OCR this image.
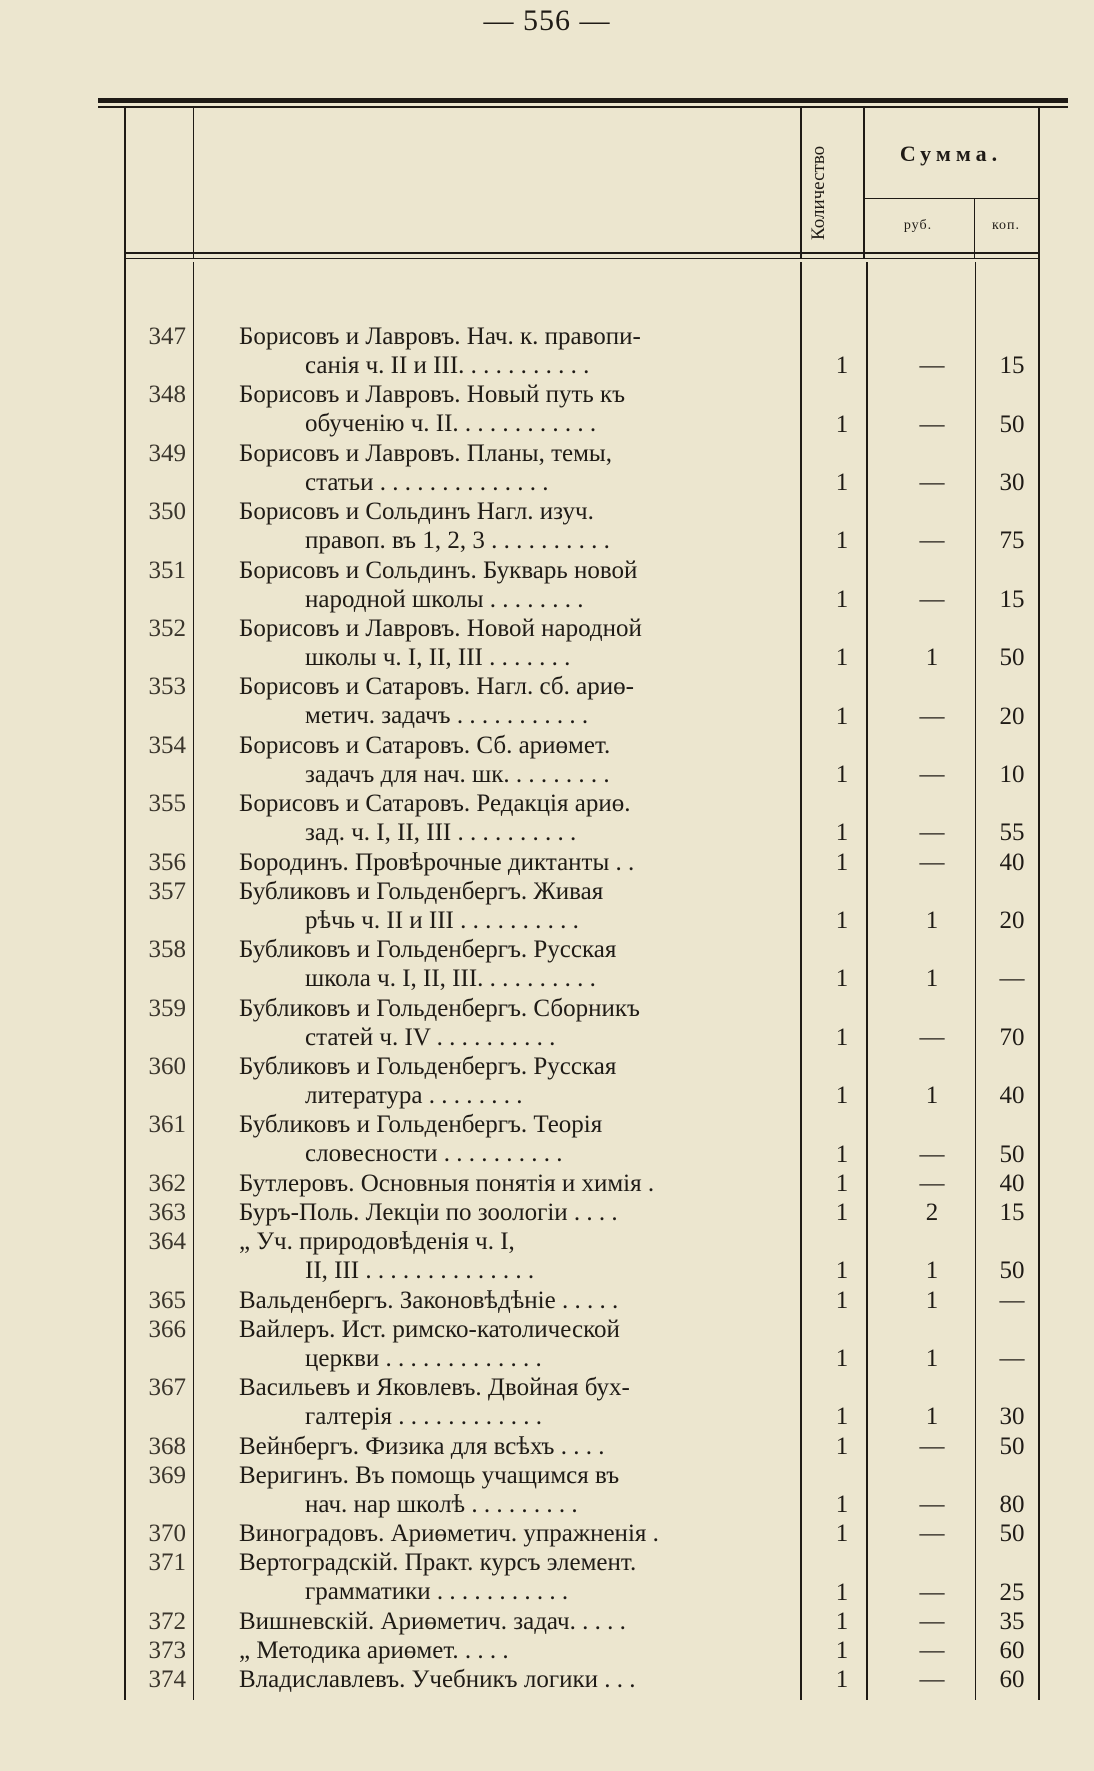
— 556 —
Количество	Сумма.
руб.	коп.
347 Борисовъ и Лавровъ. Нач. к. правопи-
санія ч. II и III. . . . . . . . . . .	1	—	15
348 Борисовъ и Лавровъ. Новый путь къ
обученію ч. II. . . . . . . . . . . .	1	—	50
349 Борисовъ и Лавровъ. Планы, темы,
статьи . . . . . . . . . . . . . .	1	—	30
350 Борисовъ и Сольдинъ Нагл. изуч.
правоп. въ 1, 2, 3 . . . . . . . . . .	1	—	75
351 Борисовъ и Сольдинъ. Букварь новой
народной школы . . . . . . . .	1	—	15
352 Борисовъ и Лавровъ. Новой народной
школы ч. I, II, III . . . . . . .	1	1	50
353 Борисовъ и Сатаровъ. Нагл. сб. ариө-
метич. задачъ . . . . . . . . . . .	1	—	20
354 Борисовъ и Сатаровъ. Сб. ариөмет.
задачъ для нач. шк. . . . . . . . .	1	—	10
355 Борисовъ и Сатаровъ. Редакція ариө.
зад. ч. I, II, III . . . . . . . . . .	1	—	55
356 Бородинъ. Провѣрочные диктанты . .	1	—	40
357 Бубликовъ и Гольденбергъ. Живая
рѣчь ч. II и III . . . . . . . . . .	1	1	20
358 Бубликовъ и Гольденбергъ. Русская
школа ч. I, II, III. . . . . . . . . .	1	1	—
359 Бубликовъ и Гольденбергъ. Сборникъ
статей ч. IV . . . . . . . . . .	1	—	70
360 Бубликовъ и Гольденбергъ. Русская
литература . . . . . . . .	1	1	40
361 Бубликовъ и Гольденбергъ. Теорія
словесности . . . . . . . . . .	1	—	50
362 Бутлеровъ. Основныя понятія и химія .	1	—	40
363 Буръ-Поль. Лекціи по зоологіи . . . .	1	2	15
364 „ Уч. природовѣденія ч. I,
II, III . . . . . . . . . . . . . .	1	1	50
365 Вальденбергъ. Законовѣдѣніе . . . . .	1	1	—
366 Вайлеръ. Ист. римско-католической
церкви . . . . . . . . . . . . .	1	1	—
367 Васильевъ и Яковлевъ. Двойная бух-
галтерія . . . . . . . . . . . .	1	1	30
368 Вейнбергъ. Физика для всѣхъ . . . .	1	—	50
369 Веригинъ. Въ помощь учащимся въ
нач. нар школѣ . . . . . . . . .	1	—	80
370 Виноградовъ. Ариөметич. упражненія .	1	—	50
371 Вертоградскій. Практ. курсъ элемент.
грамматики . . . . . . . . . . .	1	—	25
372 Вишневскій. Ариөметич. задач. . . . .	1	—	35
373 „ Методика ариөмет. . . . .	1	—	60
374 Владиславлевъ. Учебникъ логики . . .	1	—	60
